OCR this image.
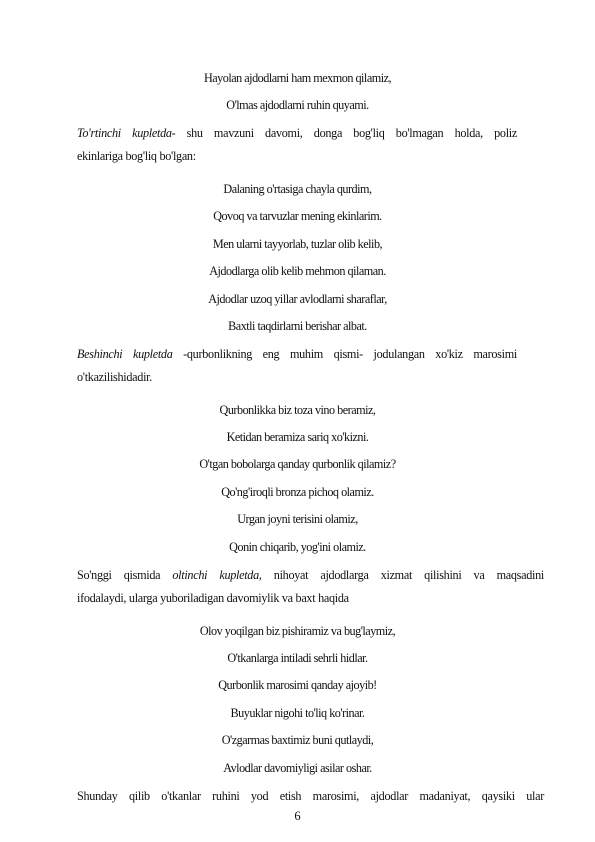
Hayolan ajdodlarni ham mexmon qilamiz,
O'lmas ajdodlarni ruhin quyami.
To'rtinchi kupletda- shu mavzuni davomi, donga bog'liq bo'lmagan holda, poliz
ekinlariga bog'liq bo'lgan:
Dalaning o'rtasiga chayla qurdim,
Qovoq va tarvuzlar mening ekinlarim.
Men ularni tayyorlab, tuzlar olib kelib,
Ajdodlarga olib kelib mehmon qilaman.
Ajdodlar uzoq yillar avlodlarni sharaflar,
Baxtli taqdirlarni berishar albat.
Beshinchi kupletda -qurbonlikning eng muhim qismi- jodulangan xo'kiz marosimi
o'tkazilishidadir.
Qurbonlikka biz toza vino beramiz,
Ketidan beramiza sariq xo'kizni.
O'tgan bobolarga qanday qurbonlik qilamiz?
Qo'ng'iroqli bronza pichoq olamiz.
Urgan joyni terisini olamiz,
Qonin chiqarib, yog'ini olamiz.
So'nggi qismida oltinchi kupletda, nihoyat ajdodlarga xizmat qilishini va maqsadini
ifodalaydi, ularga yuboriladigan davomiylik va baxt haqida
Olov yoqilgan biz pishiramiz va bug'laymiz,
O'tkanlarga intiladi sehrli hidlar.
Qurbonlik marosimi qanday ajoyib!
Buyuklar nigohi to'liq ko'rinar.
O'zgarmas baxtimiz buni qutlaydi,
Avlodlar davomiyligi asilar oshar.
Shunday qilib o'tkanlar ruhini yod etish marosimi, ajdodlar madaniyat, qaysiki ular
6
